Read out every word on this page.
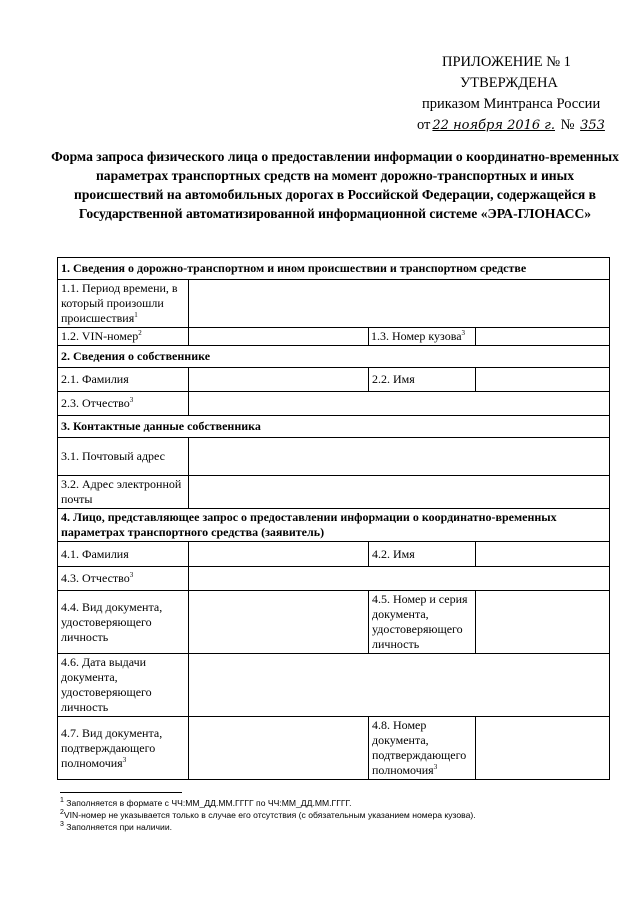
ПРИЛОЖЕНИЕ № 1
УТВЕРЖДЕНА
приказом Минтранса России
от 22 ноября 2016 г. № 353
Форма запроса физического лица о предоставлении информации о координатно-временных параметрах транспортных средств на момент дорожно-транспортных и иных происшествий на автомобильных дорогах в Российской Федерации, содержащейся в Государственной автоматизированной информационной системе «ЭРА-ГЛОНАСС»
1. Сведения о дорожно-транспортном и ином происшествии и транспортном средстве			
1.1. Период времени, в который произошли происшествия$^1$	
1.2. VIN-номер$^2$		1.3. Номер кузова$^3$	
2. Сведения о собственнике			
2.1. Фамилия		2.2. Имя	
2.3. Отчество$^3$	
3. Контактные данные собственника			
3.1. Почтовый адрес			
3.2. Адрес электронной почты			
4. Лицо, представляющее запрос о предоставлении информации о координатно-временных параметрах транспортного средства (заявитель)			
4.1. Фамилия		4.2. Имя	
4.3. Отчество$^3$	
4.4. Вид документа, удостоверяющего личность		4.5. Номер и серия документа, удостоверяющего личность	
4.6. Дата выдачи документа, удостоверяющего личность			
4.7. Вид документа, подтверждающего полномочия$^3$		4.8. Номер документа, подтверждающего полномочия$^3$	
$^1$ Заполняется в формате с ЧЧ:ММ_ДД.ММ.ГГГГ по ЧЧ:ММ_ДД.ММ.ГГГГ.
$^2$VIN-номер не указывается только в случае его отсутствия (с обязательным указанием номера кузова).
$^3$ Заполняется при наличии.
